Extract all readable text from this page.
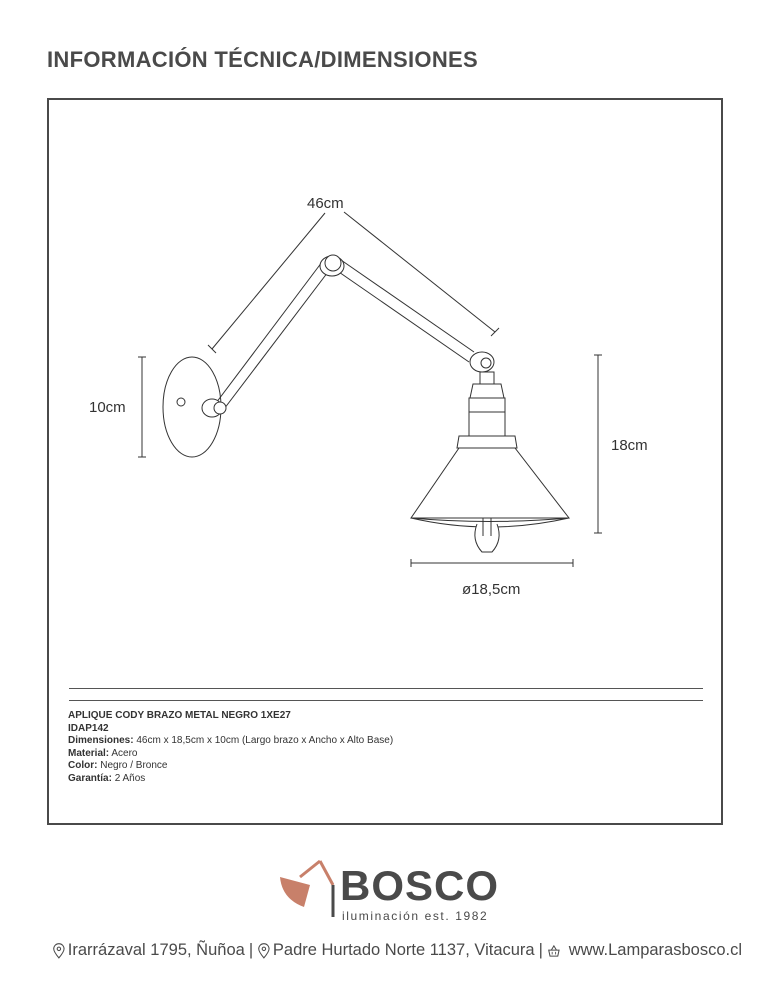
INFORMACIÓN TÉCNICA/DIMENSIONES
46cm
10cm
18cm
ø18,5cm
APLIQUE CODY BRAZO METAL NEGRO 1XE27
IDAP142
Dimensiones: 46cm x 18,5cm x 10cm (Largo brazo x Ancho x Alto Base)
Material: Acero
Color: Negro / Bronce
Garantía: 2 Años
BOSCO
iluminación est. 1982
Irarrázaval 1795, Ñuñoa | Padre Hurtado Norte 1137, Vitacura | www.Lamparasbosco.cl
